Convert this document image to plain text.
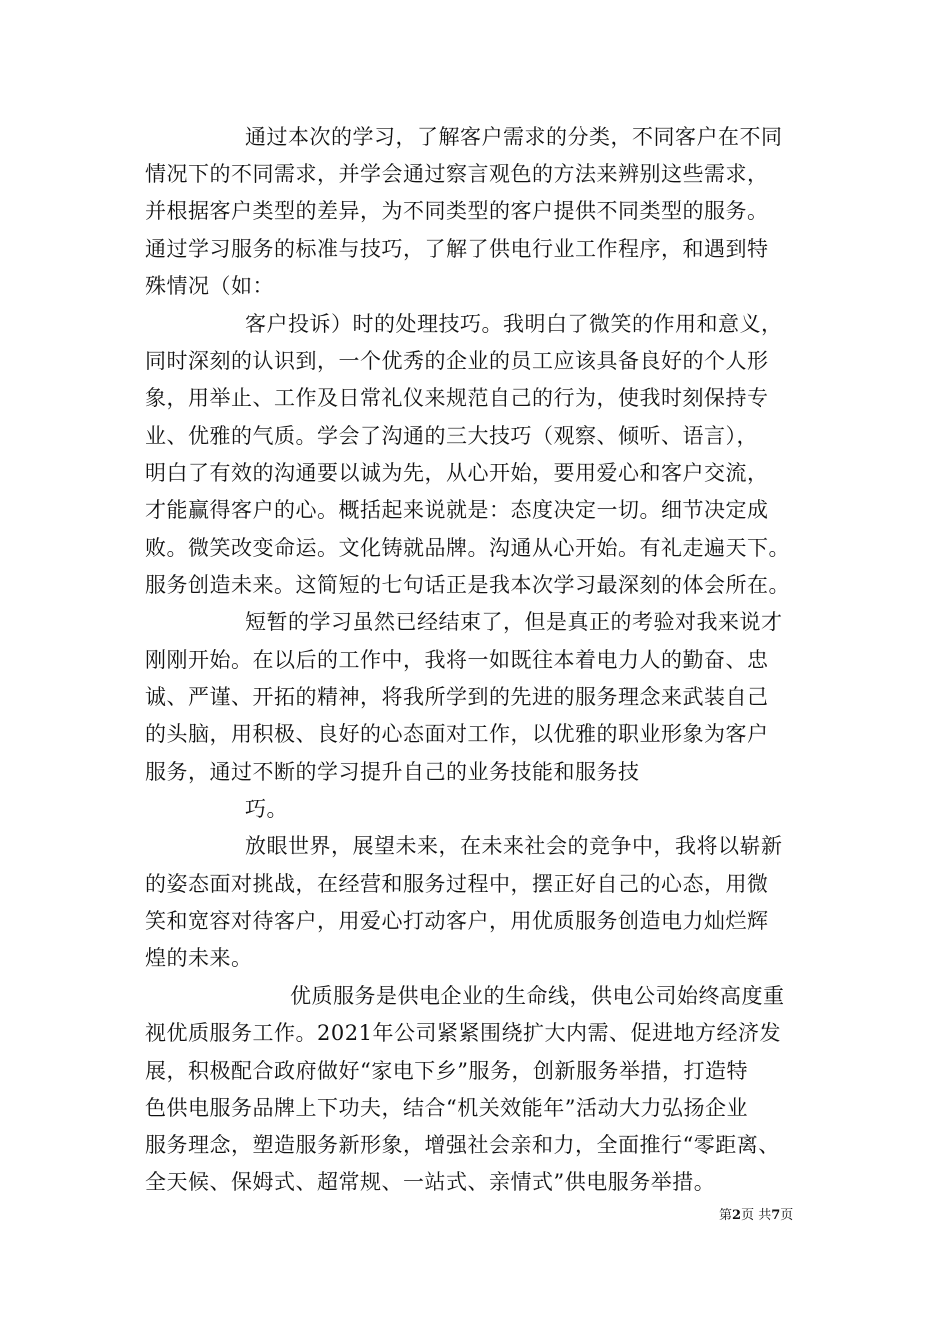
通过本次的学习，了解客户需求的分类，不同客户在不同
情况下的不同需求，并学会通过察言观色的方法来辨别这些需求，
并根据客户类型的差异，为不同类型的客户提供不同类型的服务。
通过学习服务的标准与技巧，了解了供电行业工作程序，和遇到特
殊情况（如：
客户投诉）时的处理技巧。我明白了微笑的作用和意义，
同时深刻的认识到，一个优秀的企业的员工应该具备良好的个人形
象，用举止、工作及日常礼仪来规范自己的行为，使我时刻保持专
业、优雅的气质。学会了沟通的三大技巧（观察、倾听、语言），
明白了有效的沟通要以诚为先，从心开始，要用爱心和客户交流，
才能赢得客户的心。概括起来说就是：态度决定一切。细节决定成
败。微笑改变命运。文化铸就品牌。沟通从心开始。有礼走遍天下。
服务创造未来。这简短的七句话正是我本次学习最深刻的体会所在。
短暂的学习虽然已经结束了，但是真正的考验对我来说才
刚刚开始。在以后的工作中，我将一如既往本着电力人的勤奋、忠
诚、严谨、开拓的精神，将我所学到的先进的服务理念来武装自己
的头脑，用积极、良好的心态面对工作，以优雅的职业形象为客户
服务，通过不断的学习提升自己的业务技能和服务技
巧。
放眼世界，展望未来，在未来社会的竞争中，我将以崭新
的姿态面对挑战，在经营和服务过程中，摆正好自己的心态，用微
笑和宽容对待客户，用爱心打动客户，用优质服务创造电力灿烂辉
煌的未来。
优质服务是供电企业的生命线，供电公司始终高度重
视优质服务工作。2021年公司紧紧围绕扩大内需、促进地方经济发
展，积极配合政府做好“家电下乡”服务，创新服务举措，打造特
色供电服务品牌上下功夫，结合“机关效能年”活动大力弘扬企业
服务理念，塑造服务新形象，增强社会亲和力，全面推行“零距离、
全天候、保姆式、超常规、一站式、亲情式”供电服务举措。
第2页 共7页
